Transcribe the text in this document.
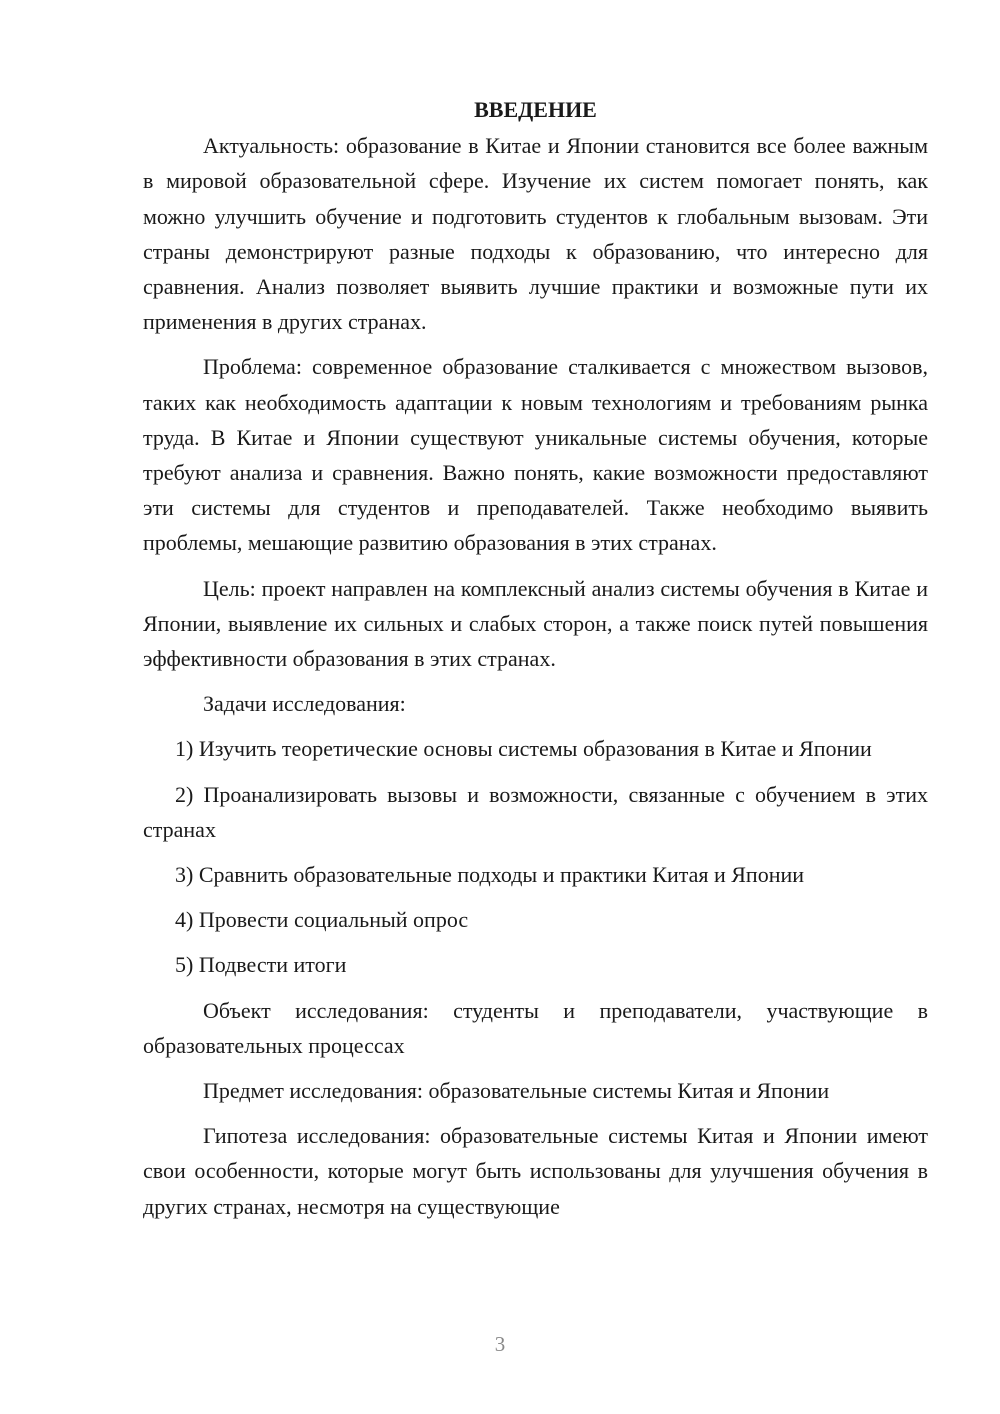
ВВЕДЕНИЕ

Актуальность: образование в Китае и Японии становится все более важным в мировой образовательной сфере. Изучение их систем помогает понять, как можно улучшить обучение и подготовить студентов к глобальным вызовам. Эти страны демонстрируют разные подходы к образованию, что интересно для сравнения. Анализ позволяет выявить лучшие практики и возможные пути их применения в других странах.

Проблема: современное образование сталкивается с множеством вызовов, таких как необходимость адаптации к новым технологиям и требованиям рынка труда. В Китае и Японии существуют уникальные системы обучения, которые требуют анализа и сравнения. Важно понять, какие возможности предоставляют эти системы для студентов и преподавателей. Также необходимо выявить проблемы, мешающие развитию образования в этих странах.

Цель: проект направлен на комплексный анализ системы обучения в Китае и Японии, выявление их сильных и слабых сторон, а также поиск путей повышения эффективности образования в этих странах.

Задачи исследования:

1) Изучить теоретические основы системы образования в Китае и Японии

2) Проанализировать вызовы и возможности, связанные с обучением в этих странах

3) Сравнить образовательные подходы и практики Китая и Японии

4) Провести социальный опрос

5) Подвести итоги

Объект исследования: студенты и преподаватели, участвующие в образовательных процессах

Предмет исследования: образовательные системы Китая и Японии

Гипотеза исследования: образовательные системы Китая и Японии имеют свои особенности, которые могут быть использованы для улучшения обучения в других странах, несмотря на существующие

3
